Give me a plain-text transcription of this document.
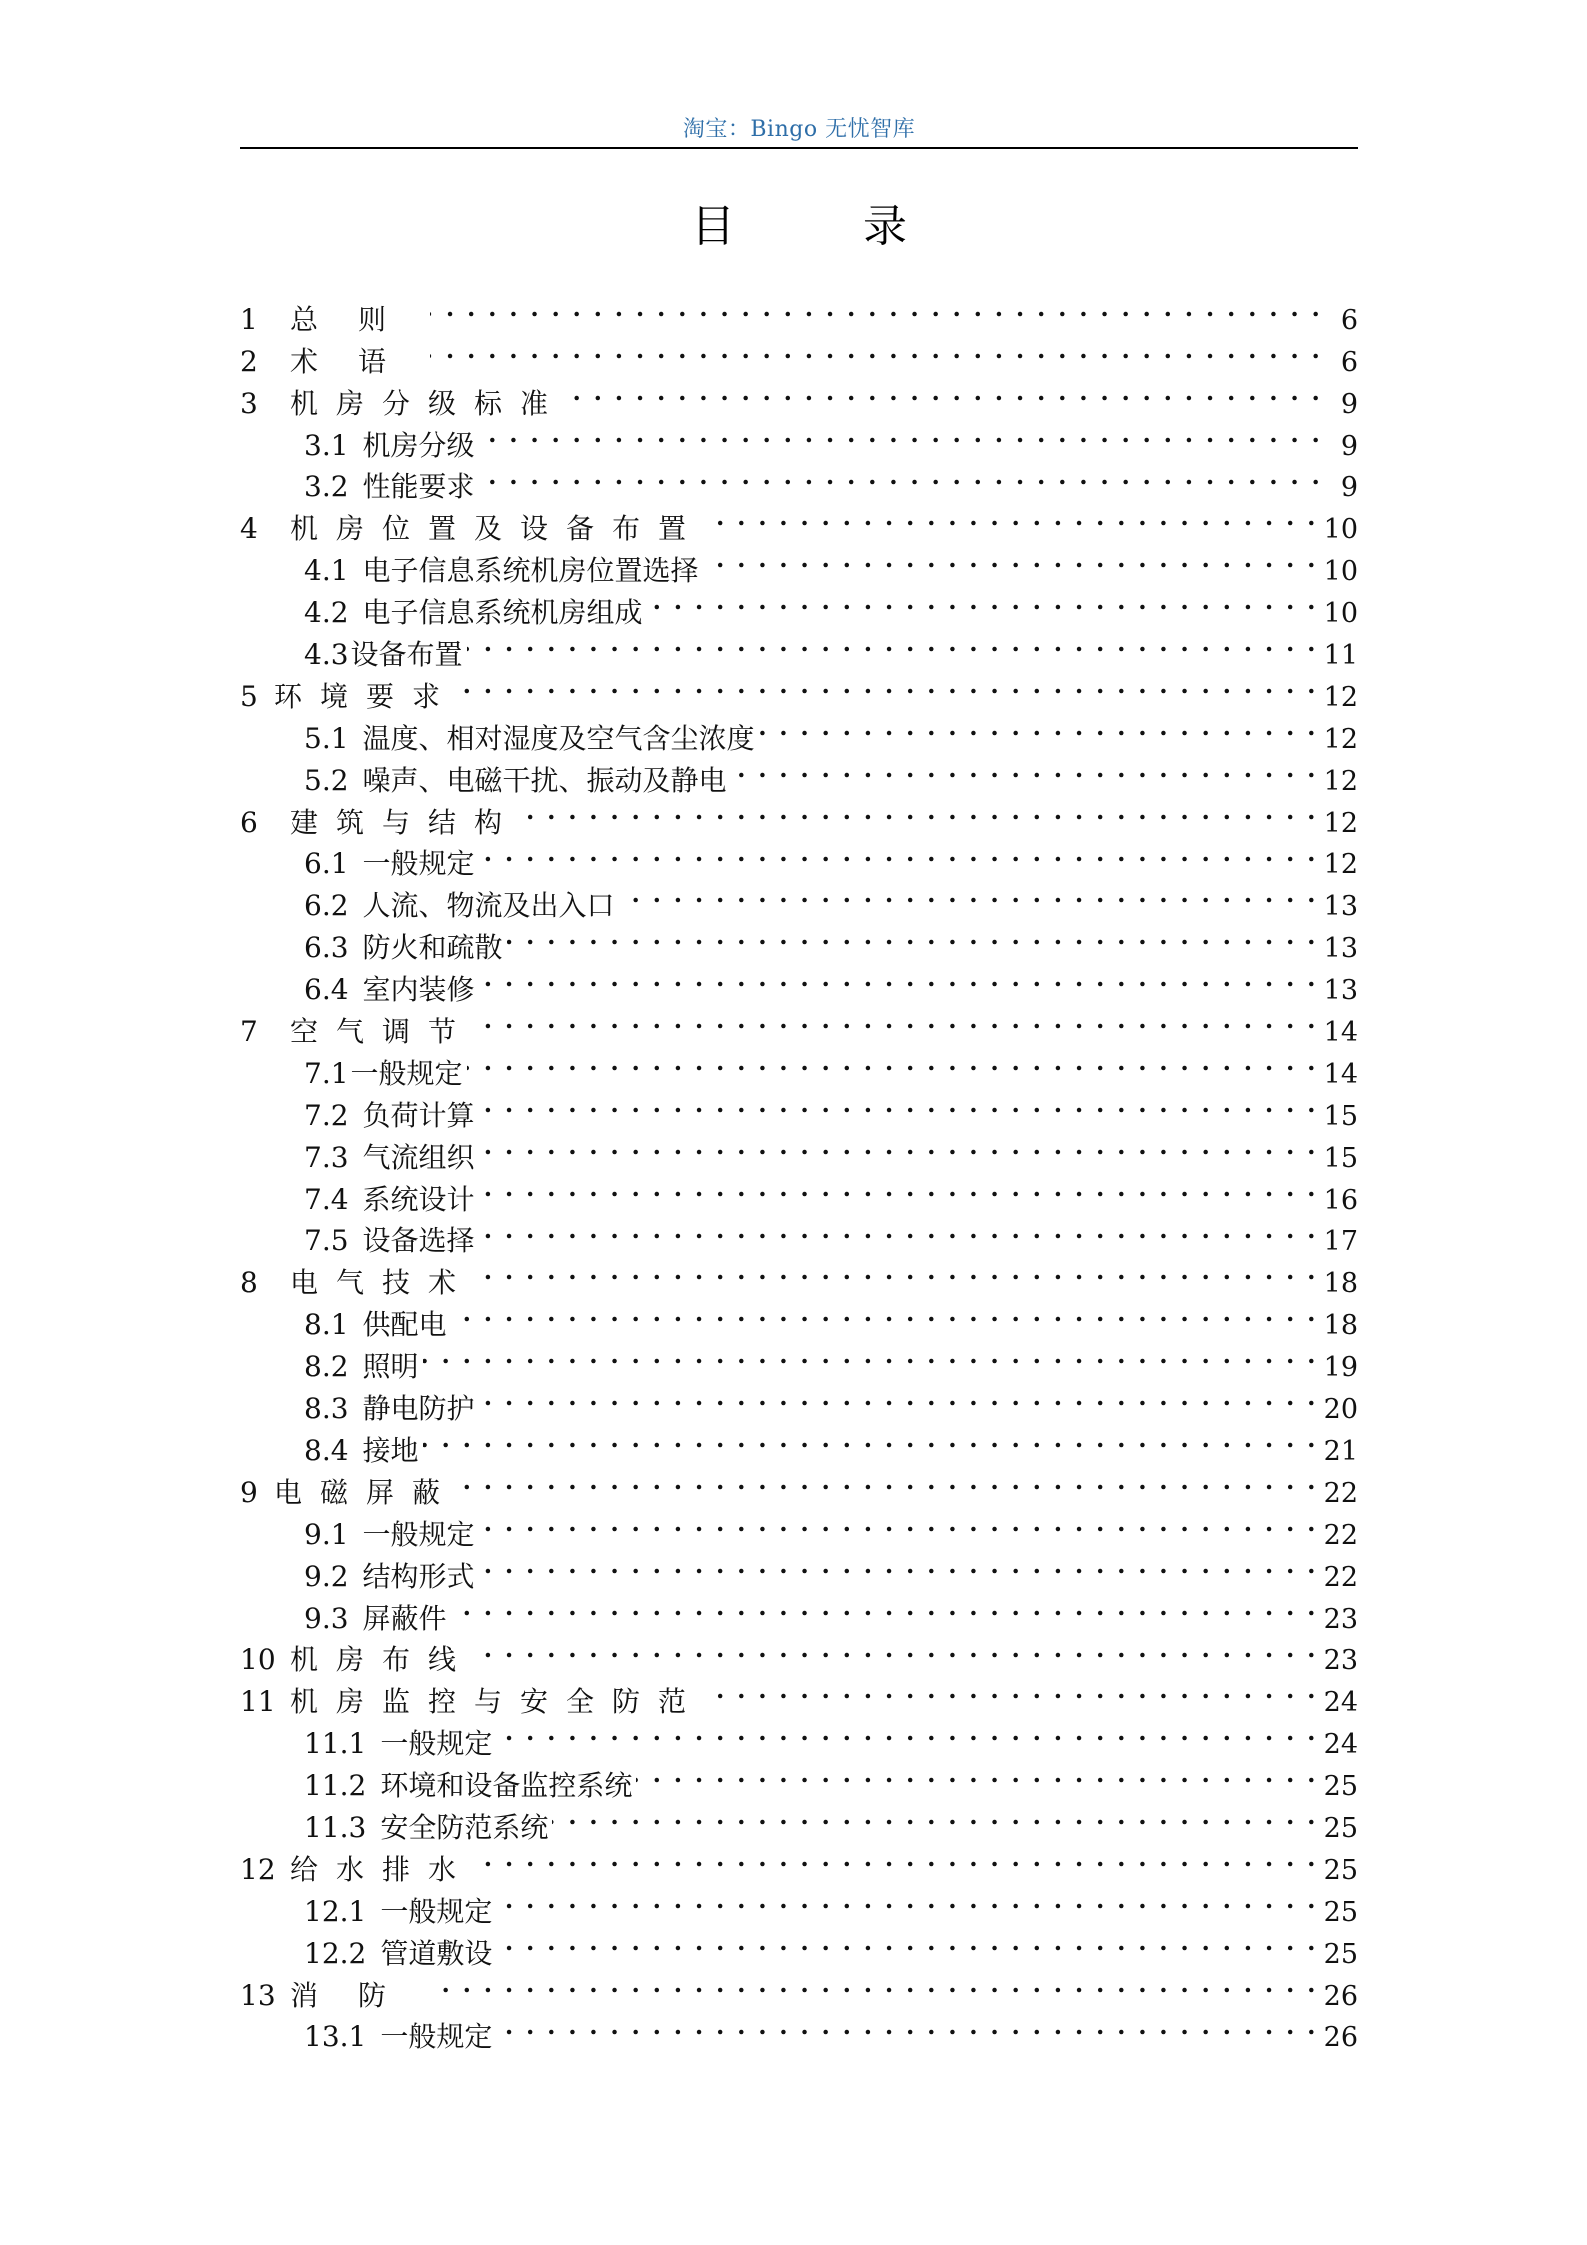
淘宝：Bingo 无忧智库
目	录
1	总则 . . .	6
2	术语 . . .	6
3	机房分级标准 . . .	9
3.1 机房分级 . . .	9
3.2 性能要求 . . .	9
4	机房位置及设备布置 . . .	10
4.1 电子信息系统机房位置选择 . . .	10
4.2 电子信息系统机房组成 . . .	10
4.3 设备布置 . . .	11
5 环境要求 . . .	12
5.1 温度、相对湿度及空气含尘浓度 . . .	12
5.2 噪声、电磁干扰、振动及静电 . . .	12
6	建筑与结构 . . .	12
6.1 一般规定 . . .	12
6.2 人流、物流及出入口 . . .	13
6.3 防火和疏散 . . .	13
6.4 室内装修 . . .	13
7	空气调节 . . .	14
7.1 一般规定 . . .	14
7.2 负荷计算 . . .	15
7.3 气流组织 . . .	15
7.4 系统设计 . . .	16
7.5 设备选择 . . .	17
8	电气技术 . . .	18
8.1 供配电 . . .	18
8.2 照明 . . .	19
8.3 静电防护 . . .	20
8.4 接地 . . .	21
9 电磁屏蔽 . . .	22
9.1 一般规定 . . .	22
9.2 结构形式 . . .	22
9.3 屏蔽件 . . .	23
10 机房布线 . . .	23
11 机房监控与安全防范 . . .	24
11.1 一般规定 . . .	24
11.2 环境和设备监控系统 . . .	25
11.3 安全防范系统 . . .	25
12 给水排水 . . .	25
12.1 一般规定 . . .	25
12.2 管道敷设 . . .	25
13 消防 . . .	26
13.1 一般规定 . . .	26
